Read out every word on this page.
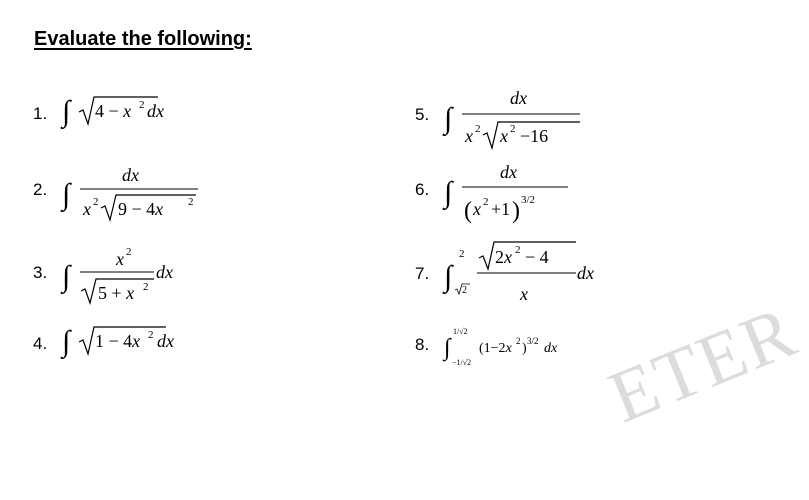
Evaluate the following:
1. ∫ 4 − x 2 dx
2. ∫
dx
x 2 9 − 4x 2
3. ∫
x 2
dx
5 + x 2
4. ∫ 1 − 4x 2 dx
5. ∫
dx
x 2 x 2 −16
6. ∫
dx
( x 2 +1 ) 3/2
7. ∫
2
2
2x 2 − 4
dx
x
8. ∫
1/√2
−1/√2
(1−2x 2 ) 3/2 dx ETER
